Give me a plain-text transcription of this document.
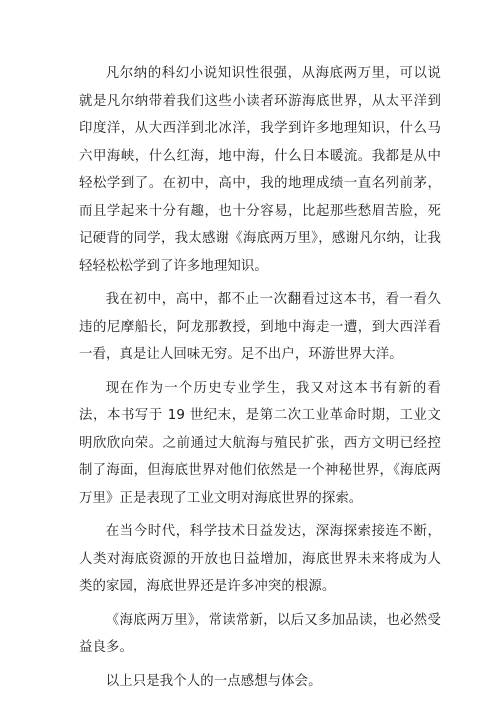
凡尔纳的科幻小说知识性很强，从海底两万里，可以说就是凡尔纳带着我们这些小读者环游海底世界，从太平洋到印度洋，从大西洋到北冰洋，我学到许多地理知识，什么马六甲海峡，什么红海，地中海，什么日本暖流。我都是从中轻松学到了。在初中，高中，我的地理成绩一直名列前茅，而且学起来十分有趣，也十分容易，比起那些愁眉苦脸，死记硬背的同学，我太感谢《海底两万里》，感谢凡尔纳，让我轻轻松松学到了许多地理知识。

我在初中，高中，都不止一次翻看过这本书，看一看久违的尼摩船长，阿龙那教授，到地中海走一遭，到大西洋看一看，真是让人回味无穷。足不出户，环游世界大洋。

现在作为一个历史专业学生，我又对这本书有新的看法，本书写于 19 世纪末，是第二次工业革命时期，工业文明欣欣向荣。之前通过大航海与殖民扩张，西方文明已经控制了海面，但海底世界对他们依然是一个神秘世界，《海底两万里》正是表现了工业文明对海底世界的探索。

在当今时代，科学技术日益发达，深海探索接连不断，人类对海底资源的开放也日益增加，海底世界未来将成为人类的家园，海底世界还是许多冲突的根源。

《海底两万里》，常读常新，以后又多加品读，也必然受益良多。

以上只是我个人的一点感想与体会。
